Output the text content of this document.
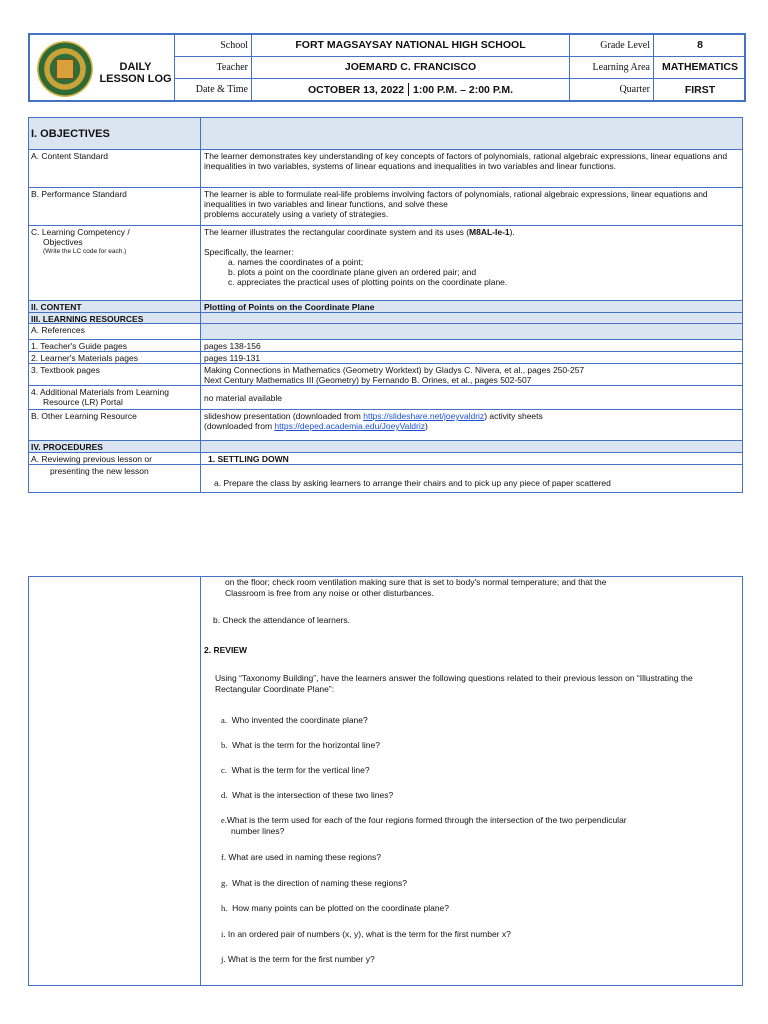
DAILY
LESSON LOG
School	FORT MAGSAYSAY NATIONAL HIGH SCHOOL	Grade Level	8
Teacher	JOEMARD C. FRANCISCO	Learning Area	MATHEMATICS
Date & Time	OCTOBER 13, 2022 1:00 P.M. – 2:00 P.M.	Quarter	FIRST
I. OBJECTIVES
A. Content Standard	The learner demonstrates key understanding of key concepts of factors of polynomials, rational algebraic expressions, linear equations and inequalities in two variables, systems of linear equations and inequalities in two variables and linear functions.
B. Performance Standard	The learner is able to formulate real-life problems involving factors of polynomials, rational algebraic expressions, linear equations and inequalities in two variables and linear functions, and solve these
problems accurately using a variety of strategies.
C. Learning Competency /
Objectives
(Write the LC code for each.)
The learner illustrates the rectangular coordinate system and its uses (M8AL-Ie-1).
Specifically, the learner:
a. names the coordinates of a point;
b. plots a point on the coordinate plane given an ordered pair; and
c. appreciates the practical uses of plotting points on the coordinate plane.
II. CONTENT	Plotting of Points on the Coordinate Plane
III. LEARNING RESOURCES
A. References
1. Teacher's Guide pages	pages 138-156
2. Learner's Materials pages	pages 119-131
3. Textbook pages	Making Connections in Mathematics (Geometry Worktext) by Gladys C. Nivera, et al., pages 250-257
Next Century Mathematics III (Geometry) by Fernando B. Orines, et al., pages 502-507
4. Additional Materials from Learning
Resource (LR) Portal	no material available
B. Other Learning Resource	slideshow presentation (downloaded from https://slideshare.net/joeyvaldriz) activity sheets
(downloaded from https://deped.academia.edu/JoeyValdriz)
IV. PROCEDURES
A. Reviewing previous lesson or	1. SETTLING DOWN
presenting the new lesson
a. Prepare the class by asking learners to arrange their chairs and to pick up any piece of paper scattered
on the floor; check room ventilation making sure that is set to body's normal temperature; and that the
Classroom is free from any noise or other disturbances.
b. Check the attendance of learners.
2. REVIEW
Using “Taxonomy Building”, have the learners answer the following questions related to their previous lesson on “Illustrating the
Rectangular Coordinate Plane”:
a. Who invented the coordinate plane?
b. What is the term for the horizontal line?
c. What is the term for the vertical line?
d. What is the intersection of these two lines?
e.What is the term used for each of the four regions formed through the intersection of the two perpendicular
number lines?
f. What are used in naming these regions?
g. What is the direction of naming these regions?
h. How many points can be plotted on the coordinate plane?
i. In an ordered pair of numbers (x, y), what is the term for the first number x?
j. What is the term for the first number y?
